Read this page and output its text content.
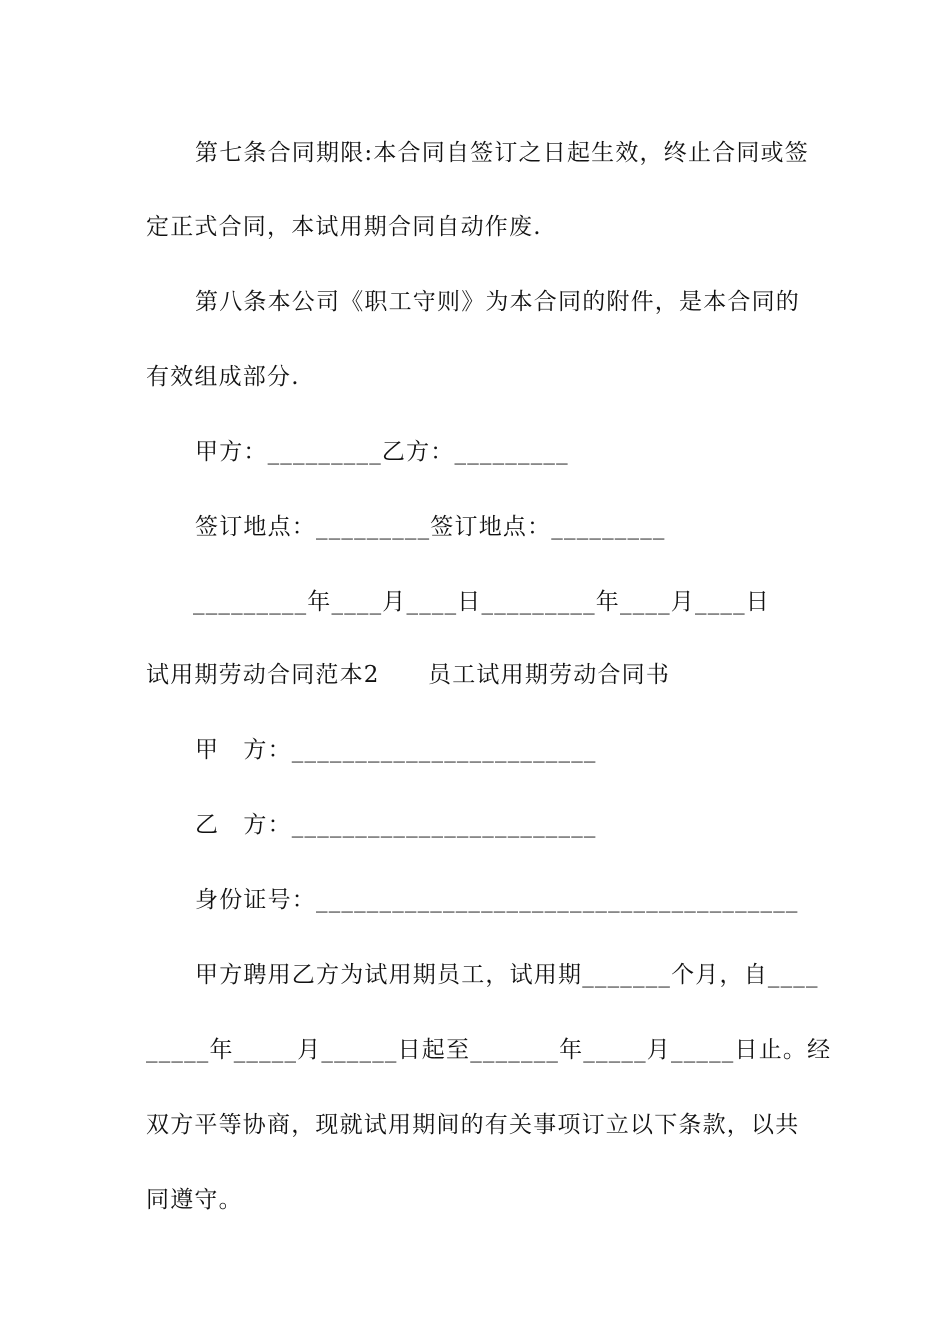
第七条合同期限:本合同自签订之日起生效，终止合同或签
定正式合同，本试用期合同自动作废.
第八条本公司《职工守则》为本合同的附件，是本合同的
有效组成部分.
甲方：_________乙方：_________
签订地点：_________签订地点：_________
_________年____月____日_________年____月____日
试用期劳动合同范本2　　员工试用期劳动合同书
甲　方：________________________
乙　方：________________________
身份证号：______________________________________
甲方聘用乙方为试用期员工，试用期_______个月，自____
_____年_____月______日起至_______年_____月_____日止。经
双方平等协商，现就试用期间的有关事项订立以下条款，以共
同遵守。
